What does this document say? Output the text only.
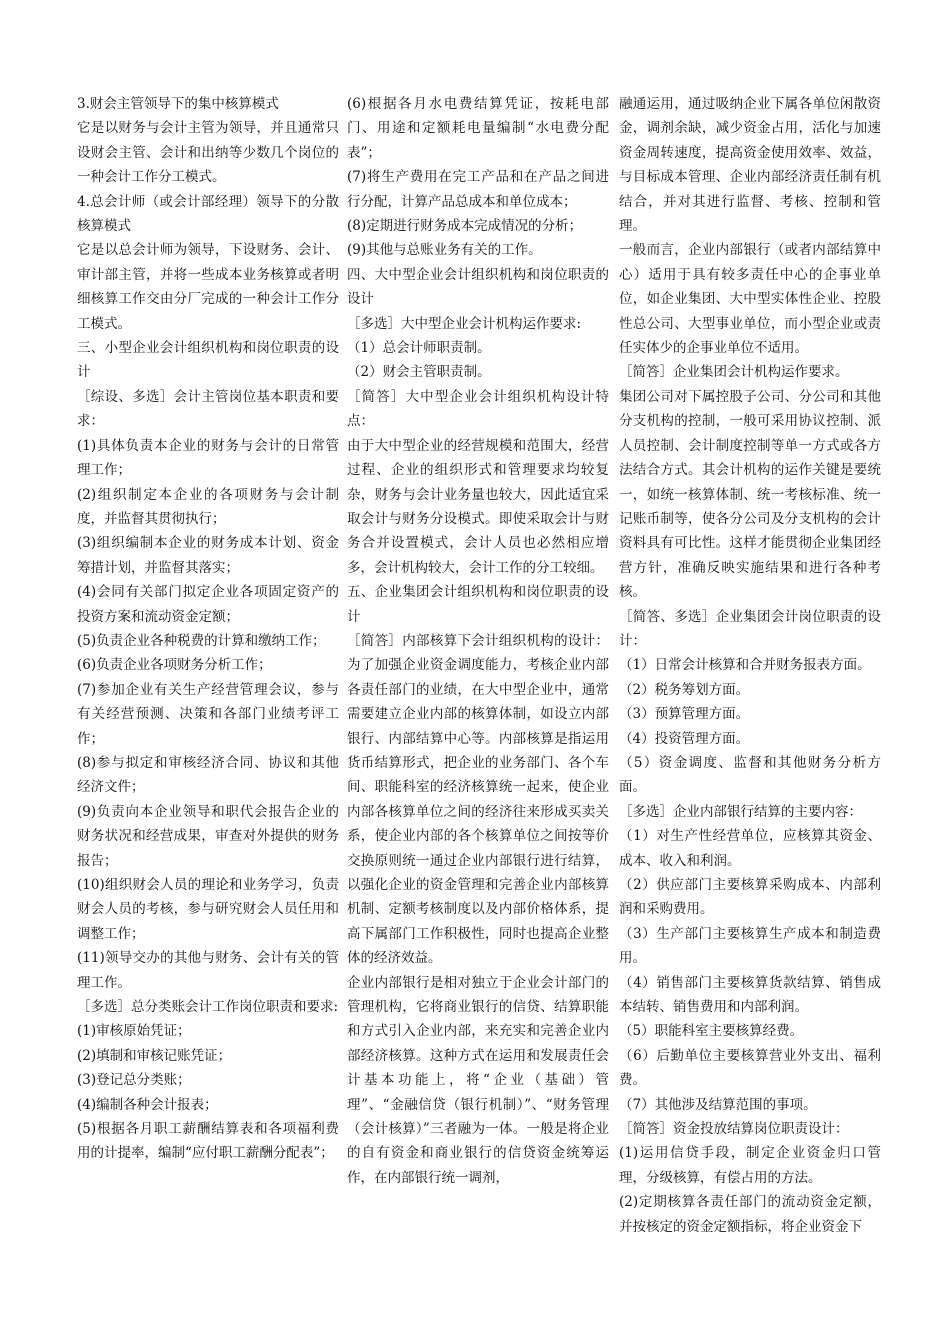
3.财会主管领导下的集中核算模式

它是以财务与会计主管为领导，并且通常只设财会主管、会计和出纳等少数几个岗位的一种会计工作分工模式。

4.总会计师（或会计部经理）领导下的分散核算模式

它是以总会计师为领导，下设财务、会计、审计部主管，并将一些成本业务核算或者明细核算工作交由分厂完成的一种会计工作分工模式。

三、小型企业会计组织机构和岗位职责的设计

［综设、多选］会计主管岗位基本职责和要求：

(1)具体负责本企业的财务与会计的日常管理工作；

(2)组织制定本企业的各项财务与会计制度，并监督其贯彻执行；

(3)组织编制本企业的财务成本计划、资金筹措计划，并监督其落实；

(4)会同有关部门拟定企业各项固定资产的投资方案和流动资金定额；

(5)负责企业各种税费的计算和缴纳工作；

(6)负责企业各项财务分析工作；

(7)参加企业有关生产经营管理会议，参与有关经营预测、决策和各部门业绩考评工作；

(8)参与拟定和审核经济合同、协议和其他经济文件；

(9)负责向本企业领导和职代会报告企业的财务状况和经营成果，审查对外提供的财务报告；

(10)组织财会人员的理论和业务学习，负责财会人员的考核，参与研究财会人员任用和调整工作；

(11)领导交办的其他与财务、会计有关的管理工作。

［多选］总分类账会计工作岗位职责和要求:

(1)审核原始凭证；

(2)填制和审核记账凭证；

(3)登记总分类账；

(4)编制各种会计报表；

(5)根据各月职工薪酬结算表和各项福利费用的计提率，编制“应付职工薪酬分配表”；

(6)根据各月水电费结算凭证，按耗电部门、用途和定额耗电量编制“水电费分配表”；

(7)将生产费用在完工产品和在产品之间进行分配，计算产品总成本和单位成本；

(8)定期进行财务成本完成情况的分析；

(9)其他与总账业务有关的工作。

四、大中型企业会计组织机构和岗位职责的设计

［多选］大中型企业会计机构运作要求:

（1）总会计师职责制。

（2）财会主管职责制。

［简答］大中型企业会计组织机构设计特点：

由于大中型企业的经营规模和范围大，经营过程、企业的组织形式和管理要求均较复杂，财务与会计业务量也较大，因此适宜采取会计与财务分设模式。即使采取会计与财务合并设置模式，会计人员也必然相应增多，会计机构较大，会计工作的分工较细。

五、企业集团会计组织机构和岗位职责的设计

［简答］内部核算下会计组织机构的设计：为了加强企业资金调度能力，考核企业内部各责任部门的业绩，在大中型企业中，通常需要建立企业内部的核算体制，如设立内部银行、内部结算中心等。内部核算是指运用货币结算形式，把企业的业务部门、各个车间、职能科室的经济核算统一起来，使企业内部各核算单位之间的经济往来形成买卖关系，使企业内部的各个核算单位之间按等价交换原则统一通过企业内部银行进行结算，以强化企业的资金管理和完善企业内部核算机制、定额考核制度以及内部价格体系，提高下属部门工作积极性，同时也提高企业整体的经济效益。

企业内部银行是相对独立于企业会计部门的管理机构，它将商业银行的信贷、结算职能和方式引入企业内部，来充实和完善企业内部经济核算。这种方式在运用和发展责任会计基本功能上，将“企业（基础）管理”、“金融信贷（银行机制）”、“财务管理（会计核算）”三者融为一体。一般是将企业的自有资金和商业银行的信贷资金统筹运作，在内部银行统一调剂，

融通运用，通过吸纳企业下属各单位闲散资金，调剂余缺，减少资金占用，活化与加速资金周转速度，提高资金使用效率、效益，与目标成本管理、企业内部经济责任制有机结合，并对其进行监督、考核、控制和管理。

一般而言，企业内部银行（或者内部结算中心）适用于具有较多责任中心的企事业单位，如企业集团、大中型实体性企业、控股性总公司、大型事业单位，而小型企业或责任实体少的企事业单位不适用。

［简答］企业集团会计机构运作要求。

集团公司对下属控股子公司、分公司和其他分支机构的控制，一般可采用协议控制、派人员控制、会计制度控制等单一方式或各方法结合方式。其会计机构的运作关键是要统一，如统一核算体制、统一考核标准、统一记账币制等，使各分公司及分支机构的会计资料具有可比性。这样才能贯彻企业集团经营方针，准确反映实施结果和进行各种考核。

［简答、多选］企业集团会计岗位职责的设计：

（1）日常会计核算和合并财务报表方面。

（2）税务筹划方面。

（3）预算管理方面。

（4）投资管理方面。

（5）资金调度、监督和其他财务分析方面。

［多选］企业内部银行结算的主要内容：

（1）对生产性经营单位，应核算其资金、成本、收入和利润。

（2）供应部门主要核算采购成本、内部利润和采购费用。

（3）生产部门主要核算生产成本和制造费用。

（4）销售部门主要核算货款结算、销售成本结转、销售费用和内部利润。

（5）职能科室主要核算经费。

（6）后勤单位主要核算营业外支出、福利费。

（7）其他涉及结算范围的事项。

［简答］资金投放结算岗位职责设计：

(1)运用信贷手段，制定企业资金归口管理，分级核算，有偿占用的方法。

(2)定期核算各责任部门的流动资金定额，并按核定的资金定额指标，将企业资金下
